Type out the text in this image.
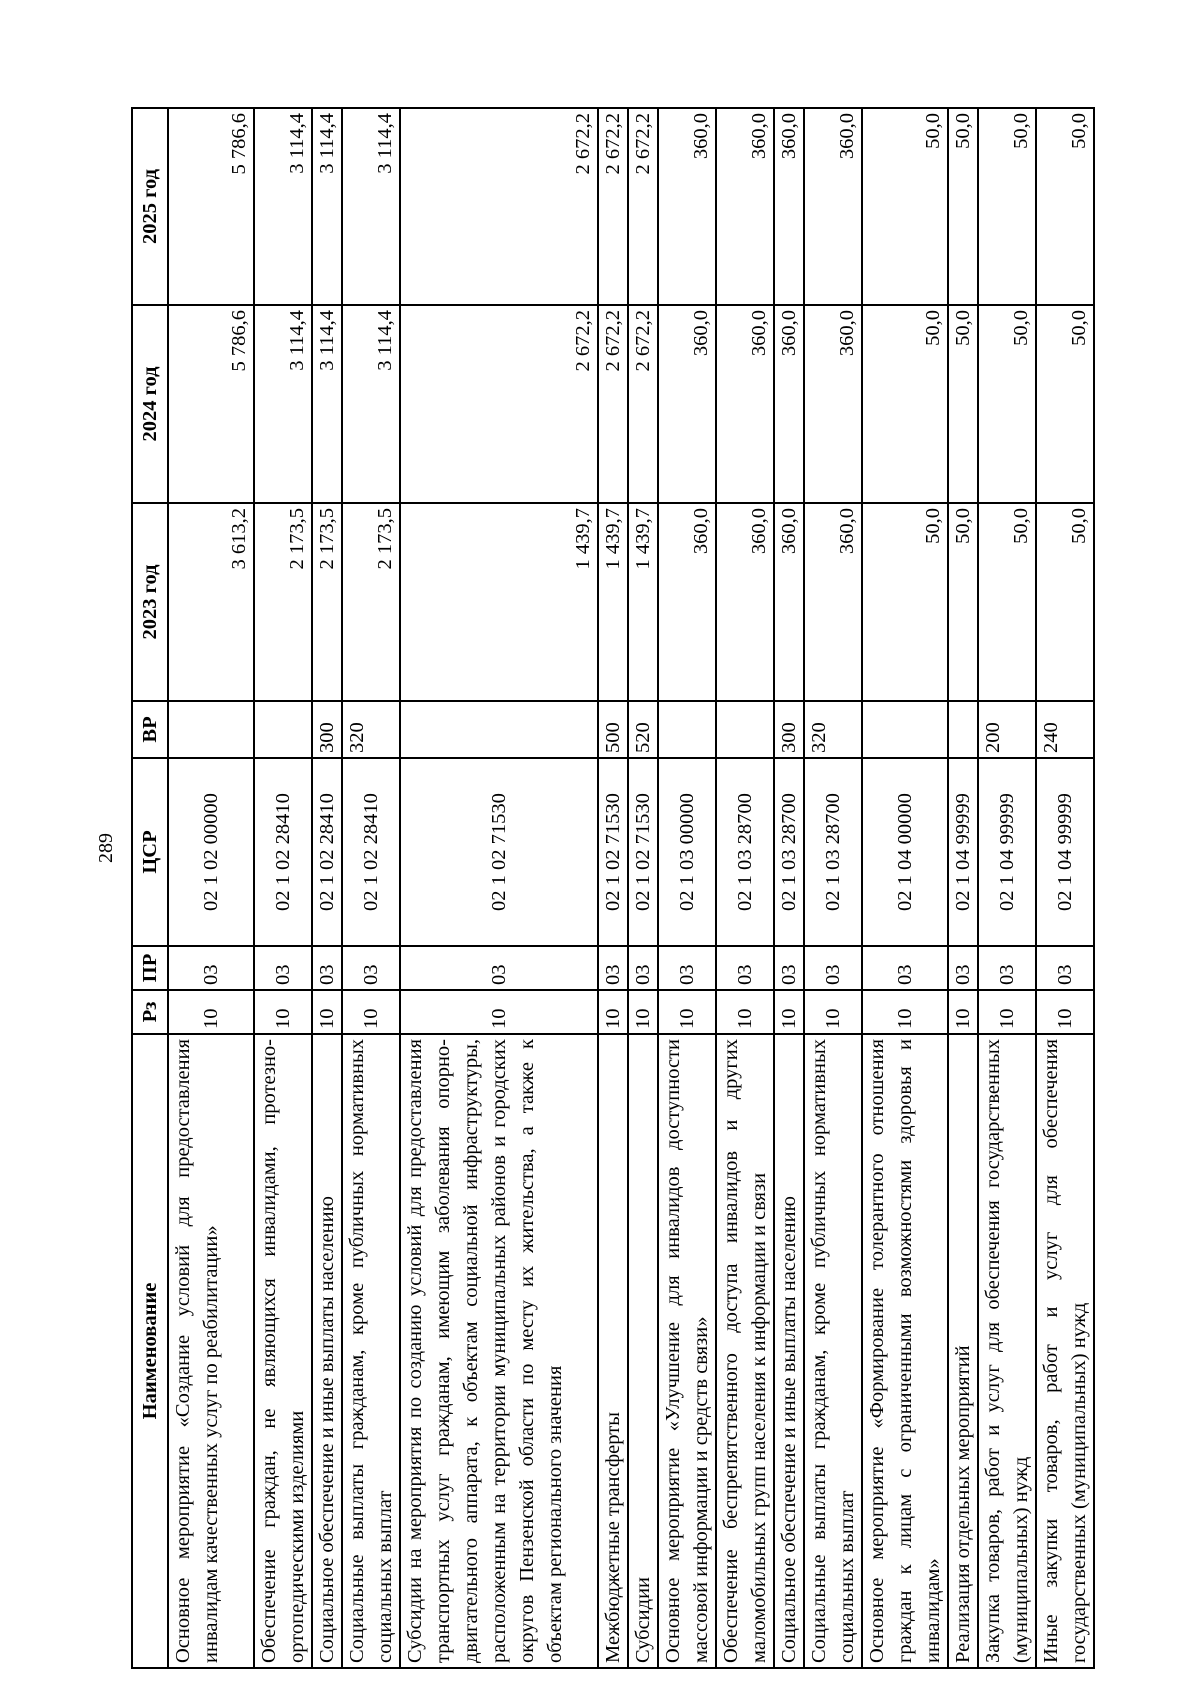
289
Наименование	Рз	ПР	ЦСР	ВР	2023 год	2024 год	2025 год
Основное мероприятие «Создание условий для предоставления инвалидам качественных услуг по реабилитации»	10	03	02 1 02 00000		3 613,2	5 786,6	5 786,6
Обеспечение граждан, не являющихся инвалидами, протезно-ортопедическими изделиями	10	03	02 1 02 28410		2 173,5	3 114,4	3 114,4
Социальное обеспечение и иные выплаты населению	10	03	02 1 02 28410	300	2 173,5	3 114,4	3 114,4
Социальные выплаты гражданам, кроме публичных нормативных социальных выплат	10	03	02 1 02 28410	320	2 173,5	3 114,4	3 114,4
Субсидии на мероприятия по созданию условий для предоставления транспортных услуг гражданам, имеющим заболевания опорно-двигательного аппарата, к объектам социальной инфраструктуры, расположенным на территории муниципальных районов и городских округов Пензенской области по месту их жительства, а также к объектам регионального значения	10	03	02 1 02 71530		1 439,7	2 672,2	2 672,2
Межбюджетные трансферты	10	03	02 1 02 71530	500	1 439,7	2 672,2	2 672,2
Субсидии	10	03	02 1 02 71530	520	1 439,7	2 672,2	2 672,2
Основное мероприятие «Улучшение для инвалидов доступности массовой информации и средств связи»	10	03	02 1 03 00000		360,0	360,0	360,0
Обеспечение беспрепятственного доступа инвалидов и других маломобильных групп населения к информации и связи	10	03	02 1 03 28700		360,0	360,0	360,0
Социальное обеспечение и иные выплаты населению	10	03	02 1 03 28700	300	360,0	360,0	360,0
Социальные выплаты гражданам, кроме публичных нормативных социальных выплат	10	03	02 1 03 28700	320	360,0	360,0	360,0
Основное мероприятие «Формирование толерантного отношения граждан к лицам с ограниченными возможностями здоровья и инвалидам»	10	03	02 1 04 00000		50,0	50,0	50,0
Реализация отдельных мероприятий	10	03	02 1 04 99999		50,0	50,0	50,0
Закупка товаров, работ и услуг для обеспечения государственных (муниципальных) нужд	10	03	02 1 04 99999	200	50,0	50,0	50,0
Иные закупки товаров, работ и услуг для обеспечения государственных (муниципальных) нужд	10	03	02 1 04 99999	240	50,0	50,0	50,0
